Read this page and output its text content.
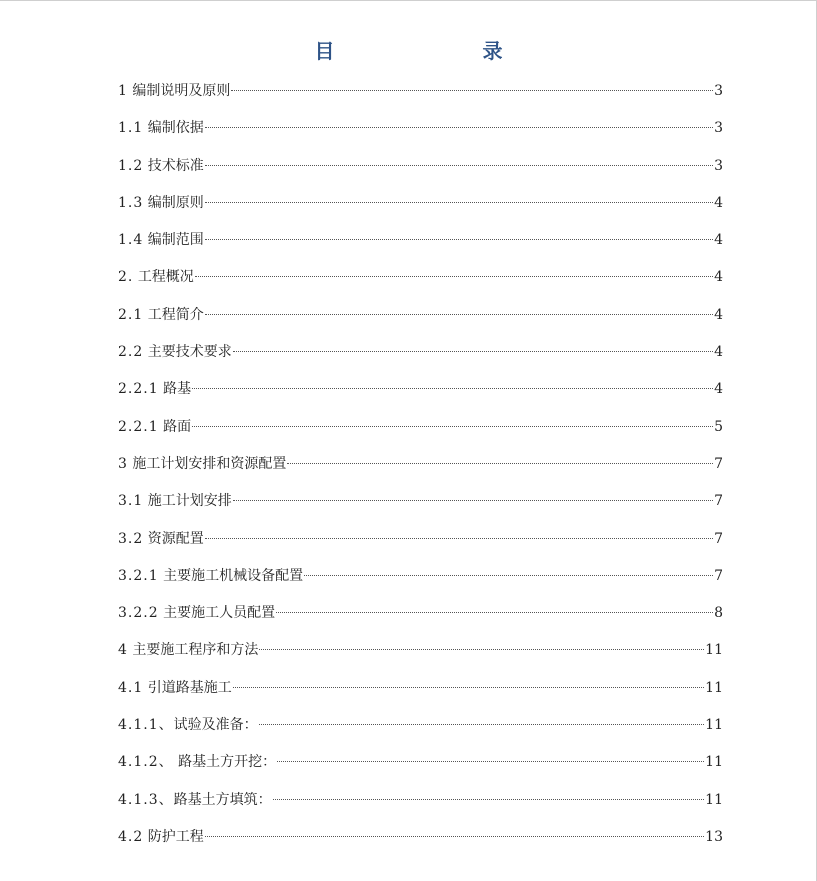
目　　录
1 编制说明及原则	3
1.1 编制依据	3
1.2 技术标准	3
1.3 编制原则	4
1.4 编制范围	4
2. 工程概况	4
2.1 工程简介	4
2.2 主要技术要求	4
2.2.1 路基	4
2.2.1 路面	5
3 施工计划安排和资源配置	7
3.1 施工计划安排	7
3.2 资源配置	7
3.2.1 主要施工机械设备配置	7
3.2.2 主要施工人员配置	8
4 主要施工程序和方法	11
4.1 引道路基施工	11
4.1.1、试验及准备：	11
4.1.2、 路基土方开挖：	11
4.1.3、路基土方填筑：	11
4.2 防护工程	13
